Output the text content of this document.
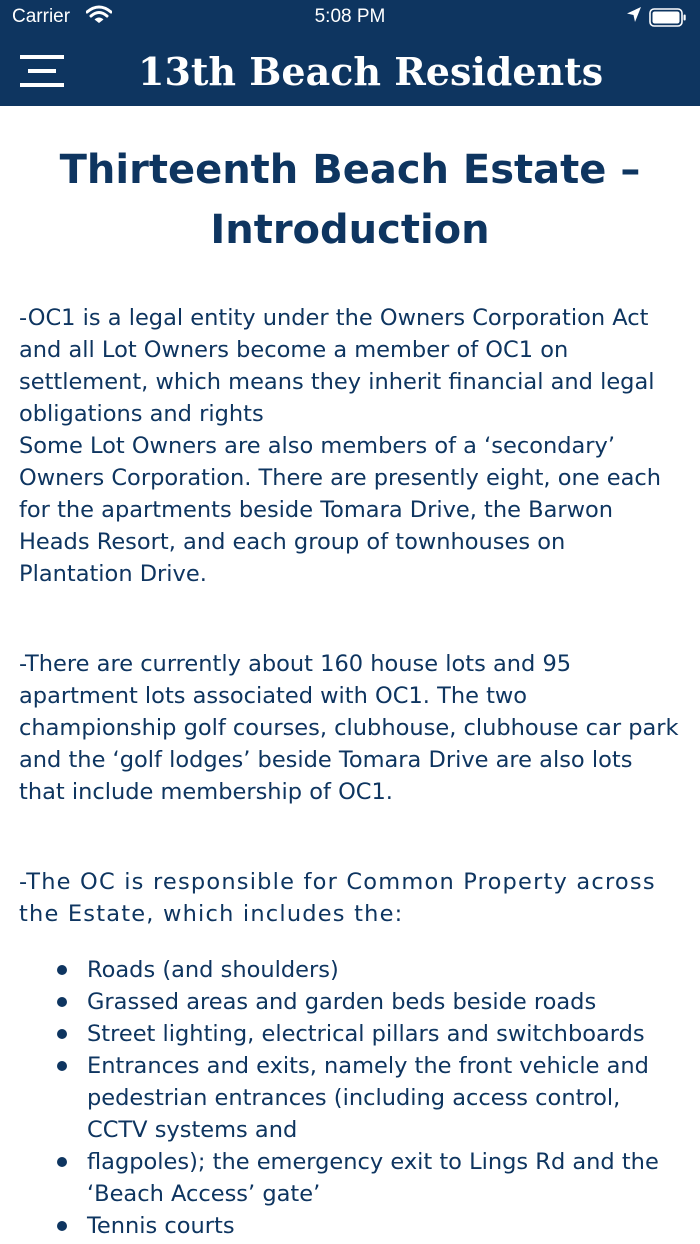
Carrier	5:08 PM
13th Beach Residents
Thirteenth Beach Estate – Introduction

-OC1 is a legal entity under the Owners Corporation Act and all Lot Owners become a member of OC1 on settlement, which means they inherit financial and legal obligations and rights
Some Lot Owners are also members of a ‘secondary’ Owners Corporation. There are presently eight, one each for the apartments beside Tomara Drive, the Barwon Heads Resort, and each group of townhouses on Plantation Drive.

-There are currently about 160 house lots and 95 apartment lots associated with OC1. The two championship golf courses, clubhouse, clubhouse car park and the ‘golf lodges’ beside Tomara Drive are also lots that include membership of OC1.

-The OC is responsible for Common Property across the Estate, which includes the:

Roads (and shoulders)
Grassed areas and garden beds beside roads
Street lighting, electrical pillars and switchboards
Entrances and exits, namely the front vehicle and pedestrian entrances (including access control, CCTV systems and
flagpoles); the emergency exit to Lings Rd and the ‘Beach Access’ gate’
Tennis courts
